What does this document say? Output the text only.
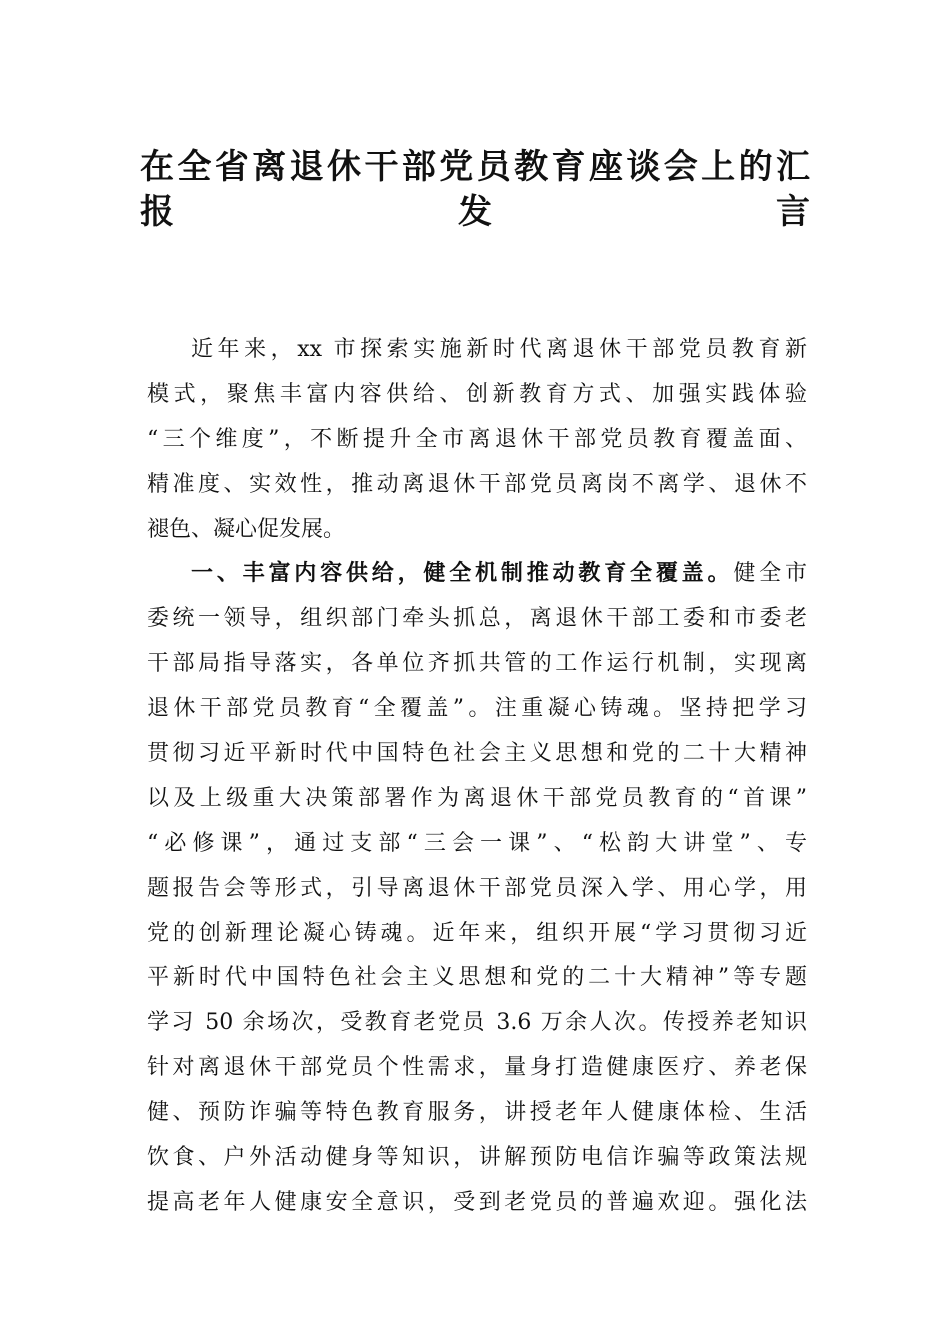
在全省离退休干部党员教育座谈会上的汇
报发言
近年来，xx 市探索实施新时代离退休干部党员教育新
模式，聚焦丰富内容供给、创新教育方式、加强实践体验
“三个维度”，不断提升全市离退休干部党员教育覆盖面、
精准度、实效性，推动离退休干部党员离岗不离学、退休不
褪色、凝心促发展。
一、丰富内容供给，健全机制推动教育全覆盖。健全市
委统一领导，组织部门牵头抓总，离退休干部工委和市委老
干部局指导落实，各单位齐抓共管的工作运行机制，实现离
退休干部党员教育“全覆盖”。注重凝心铸魂。坚持把学习
贯彻习近平新时代中国特色社会主义思想和党的二十大精神
以及上级重大决策部署作为离退休干部党员教育的“首课”
“必修课”，通过支部“三会一课”、“松韵大讲堂”、专
题报告会等形式，引导离退休干部党员深入学、用心学，用
党的创新理论凝心铸魂。近年来，组织开展“学习贯彻习近
平新时代中国特色社会主义思想和党的二十大精神”等专题
学习 50 余场次，受教育老党员 3.6 万余人次。传授养老知识
针对离退休干部党员个性需求，量身打造健康医疗、养老保
健、预防诈骗等特色教育服务，讲授老年人健康体检、生活
饮食、户外活动健身等知识，讲解预防电信诈骗等政策法规
提高老年人健康安全意识，受到老党员的普遍欢迎。强化法
